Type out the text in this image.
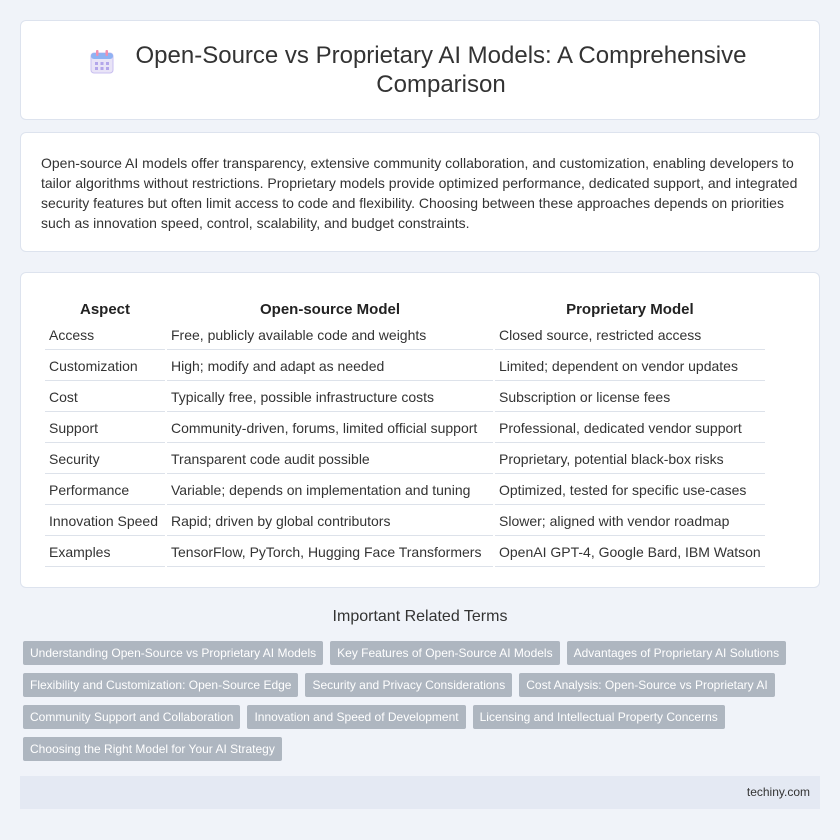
Open-Source vs Proprietary AI Models: A Comprehensive Comparison

Open-source AI models offer transparency, extensive community collaboration, and customization, enabling developers to tailor algorithms without restrictions. Proprietary models provide optimized performance, dedicated support, and integrated security features but often limit access to code and flexibility. Choosing between these approaches depends on priorities such as innovation speed, control, scalability, and budget constraints.

Aspect	Open-source Model	Proprietary Model
Access	Free, publicly available code and weights	Closed source, restricted access
Customization	High; modify and adapt as needed	Limited; dependent on vendor updates
Cost	Typically free, possible infrastructure costs	Subscription or license fees
Support	Community-driven, forums, limited official support	Professional, dedicated vendor support
Security	Transparent code audit possible	Proprietary, potential black-box risks
Performance	Variable; depends on implementation and tuning	Optimized, tested for specific use-cases
Innovation Speed	Rapid; driven by global contributors	Slower; aligned with vendor roadmap
Examples	TensorFlow, PyTorch, Hugging Face Transformers	OpenAI GPT-4, Google Bard, IBM Watson
Important Related Terms
Understanding Open-Source vs Proprietary AI Models	Key Features of Open-Source AI Models	Advantages of Proprietary AI Solutions
Flexibility and Customization: Open-Source Edge	Security and Privacy Considerations	Cost Analysis: Open-Source vs Proprietary AI
Community Support and Collaboration	Innovation and Speed of Development	Licensing and Intellectual Property Concerns
Choosing the Right Model for Your AI Strategy
techiny.com
